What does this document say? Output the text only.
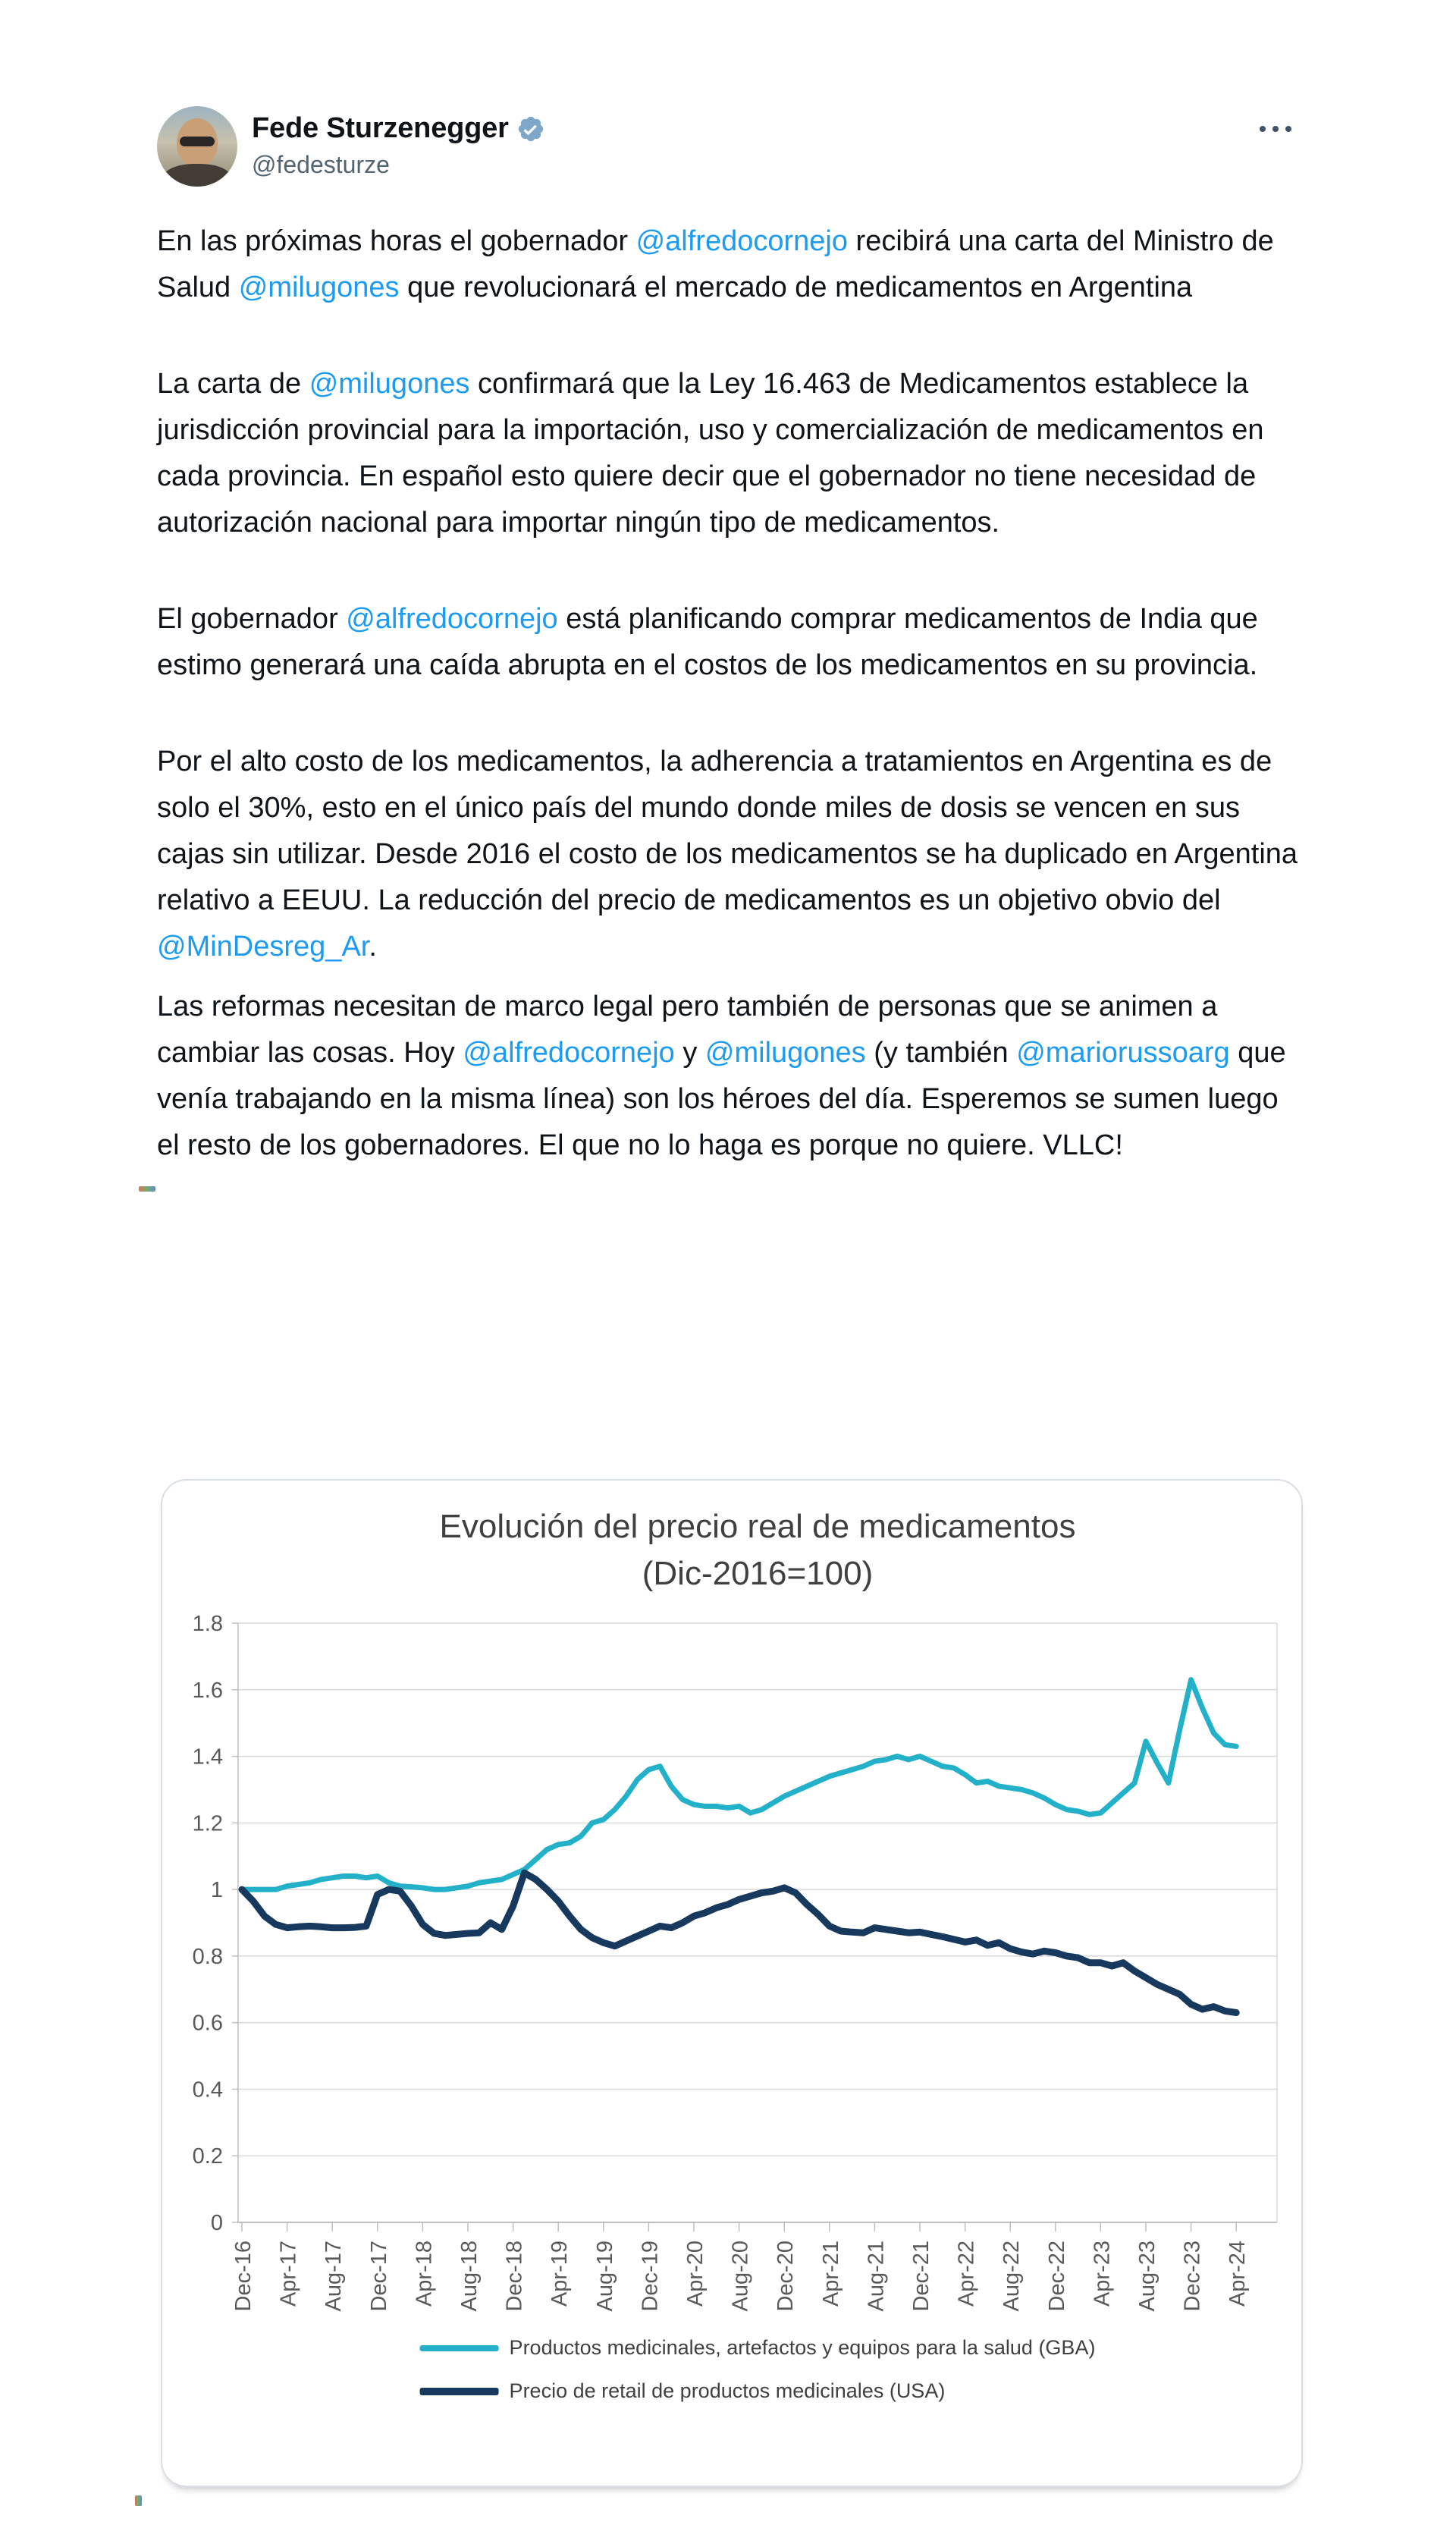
Fede Sturzenegger
@fedesturze

En las próximas horas el gobernador @alfredocornejo recibirá una carta del Ministro de Salud @milugones que revolucionará el mercado de medicamentos en Argentina

La carta de @milugones confirmará que la Ley 16.463 de Medicamentos establece la jurisdicción provincial para la importación, uso y comercialización de medicamentos en cada provincia. En español esto quiere decir que el gobernador no tiene necesidad de autorización nacional para importar ningún tipo de medicamentos.

El gobernador @alfredocornejo está planificando comprar medicamentos de India que estimo generará una caída abrupta en el costos de los medicamentos en su provincia.

Por el alto costo de los medicamentos, la adherencia a tratamientos en Argentina es de solo el 30%, esto en el único país del mundo donde miles de dosis se vencen en sus cajas sin utilizar. Desde 2016 el costo de los medicamentos se ha duplicado en Argentina relativo a EEUU. La reducción del precio de medicamentos es un objetivo obvio del @MinDesreg_Ar.

Las reformas necesitan de marco legal pero también de personas que se animen a cambiar las cosas. Hoy @alfredocornejo y @milugones (y también @mariorussoarg que venía trabajando en la misma línea) son los héroes del día. Esperemos se sumen luego el resto de los gobernadores. El que no lo haga es porque no quiere. VLLC!

Evolución del precio real de medicamentos
(Dic-2016=100)
1.8
1.6
1.4
1.2
1
0.8
0.6
0.4
0.2
0
Dec-16 Apr-17 Aug-17 Dec-17 Apr-18 Aug-18 Dec-18 Apr-19 Aug-19 Dec-19 Apr-20 Aug-20 Dec-20 Apr-21 Aug-21 Dec-21 Apr-22 Aug-22 Dec-22 Apr-23 Aug-23 Dec-23 Apr-24
Productos medicinales, artefactos y equipos para la salud (GBA)
Precio de retail de productos medicinales (USA)
